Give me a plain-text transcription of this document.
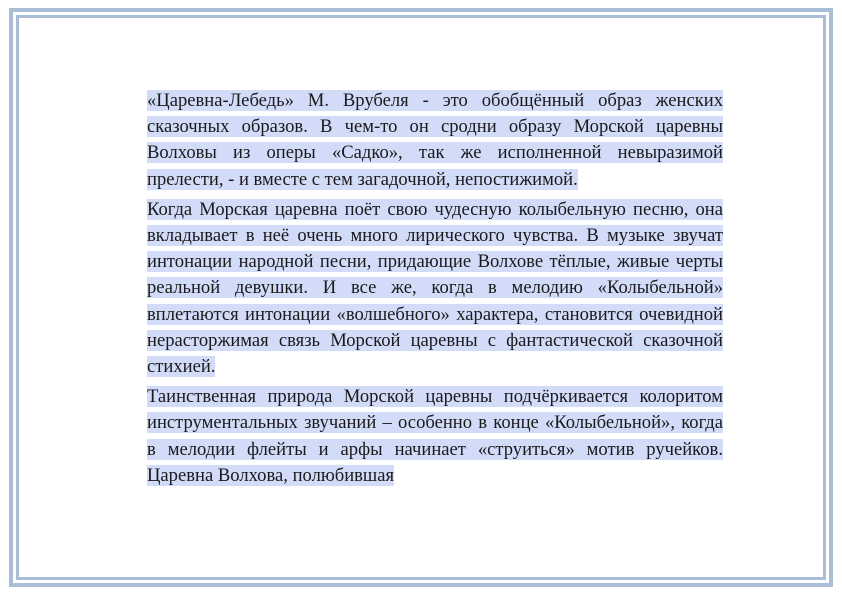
«Царевна-Лебедь» М. Врубеля - это обобщённый образ женских сказочных образов. В чем-то он сродни образу Морской царевны Волховы из оперы «Садко», так же исполненной невыразимой прелести, - и вместе с тем загадочной, непостижимой.

Когда Морская царевна поёт свою чудесную колыбельную песню, она вкладывает в неё очень много лирического чувства. В музыке звучат интонации народной песни, придающие Волхове тёплые, живые черты реальной девушки. И все же, когда в мелодию «Колыбельной» вплетаются интонации «волшебного» характера, становится очевидной нерасторжимая связь Морской царевны с фантастической сказочной стихией.

Таинственная природа Морской царевны подчёркивается колоритом инструментальных звучаний – особенно в конце «Колыбельной», когда в мелодии флейты и арфы начинает «струиться» мотив ручейков. Царевна Волхова, полюбившая
